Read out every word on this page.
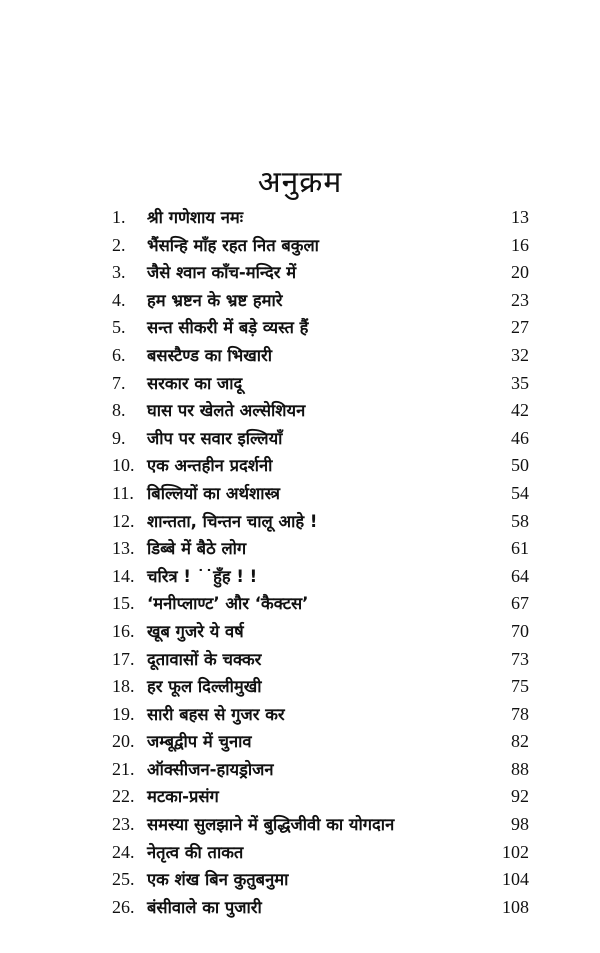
अनुक्रम
1.	श्री गणेशाय नमः	13
2.	भैंसन्हि माँह रहत नित बकुला	16
3.	जैसे श्वान काँच-मन्दिर में	20
4.	हम भ्रष्टन के भ्रष्ट हमारे	23
5.	सन्त सीकरी में बड़े व्यस्त हैं	27
6.	बसस्टैण्ड का भिखारी	32
7.	सरकार का जादू	35
8.	घास पर खेलते अल्सेशियन	42
9.	जीप पर सवार इल्लियाँ	46
10. एक अन्तहीन प्रदर्शनी	50
11. बिल्लियों का अर्थशास्त्र	54
12. शान्तता, चिन्तन चालू आहे !	58
13. डिब्बे में बैठे लोग	61
14. चरित्र ! ˙˙हुँह ! !	64
15. ‘मनीप्लाण्ट’ और ‘कैक्टस’	67
16. खूब गुजरे ये वर्ष	70
17. दूतावासों के चक्कर	73
18. हर फूल दिल्लीमुखी	75
19. सारी बहस से गुजर कर	78
20. जम्बूद्वीप में चुनाव	82
21. ऑक्सीजन-हायड्रोजन	88
22. मटका-प्रसंग	92
23. समस्या सुलझाने में बुद्धिजीवी का योगदान	98
24. नेतृत्व की ताकत	102
25. एक शंख बिन कुतुबनुमा	104
26. बंसीवाले का पुजारी	108
